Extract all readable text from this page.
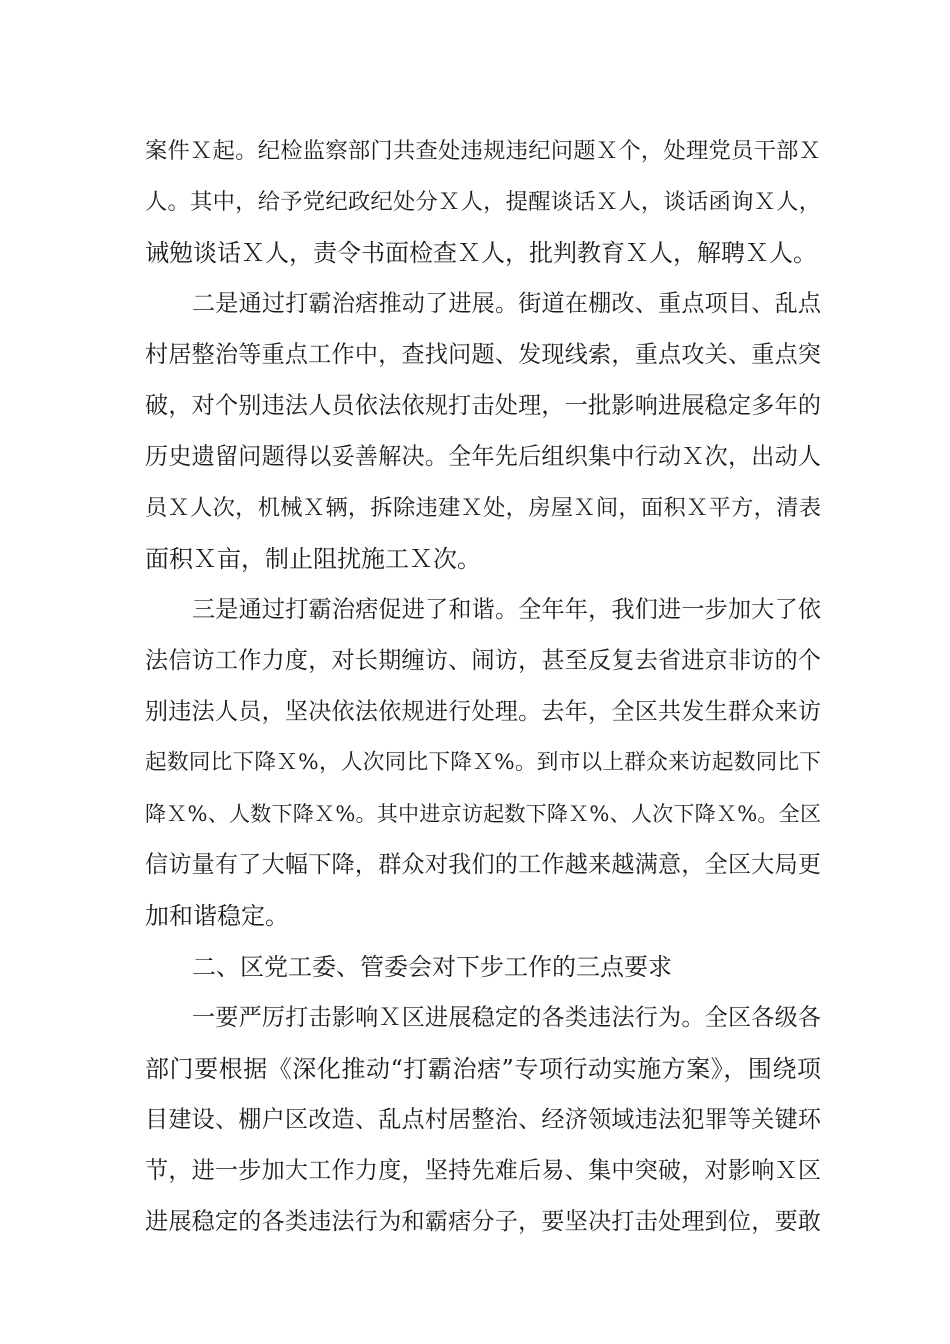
案件Ｘ起。纪检监察部门共查处违规违纪问题Ｘ个，处理党员干部Ｘ
人。其中，给予党纪政纪处分Ｘ人，提醒谈话Ｘ人，谈话函询Ｘ人，
诫勉谈话Ｘ人，责令书面检查Ｘ人，批判教育Ｘ人，解聘Ｘ人。
二是通过打霸治痞推动了进展。街道在棚改、重点项目、乱点
村居整治等重点工作中，查找问题、发现线索，重点攻关、重点突
破，对个别违法人员依法依规打击处理，一批影响进展稳定多年的
历史遗留问题得以妥善解决。全年先后组织集中行动Ｘ次，出动人
员Ｘ人次，机械Ｘ辆，拆除违建Ｘ处，房屋Ｘ间，面积Ｘ平方，清表
面积Ｘ亩，制止阻扰施工Ｘ次。
三是通过打霸治痞促进了和谐。全年年，我们进一步加大了依
法信访工作力度，对长期缠访、闹访，甚至反复去省进京非访的个
别违法人员，坚决依法依规进行处理。去年，全区共发生群众来访
起数同比下降Ｘ%，人次同比下降Ｘ%。到市以上群众来访起数同比下
降Ｘ%、人数下降Ｘ%。其中进京访起数下降Ｘ%、人次下降Ｘ%。全区
信访量有了大幅下降，群众对我们的工作越来越满意，全区大局更
加和谐稳定。
二、区党工委、管委会对下步工作的三点要求
一要严厉打击影响Ｘ区进展稳定的各类违法行为。全区各级各
部门要根据《深化推动“打霸治痞”专项行动实施方案》，围绕项
目建设、棚户区改造、乱点村居整治、经济领域违法犯罪等关键环
节，进一步加大工作力度，坚持先难后易、集中突破，对影响Ｘ区
进展稳定的各类违法行为和霸痞分子，要坚决打击处理到位，要敢
